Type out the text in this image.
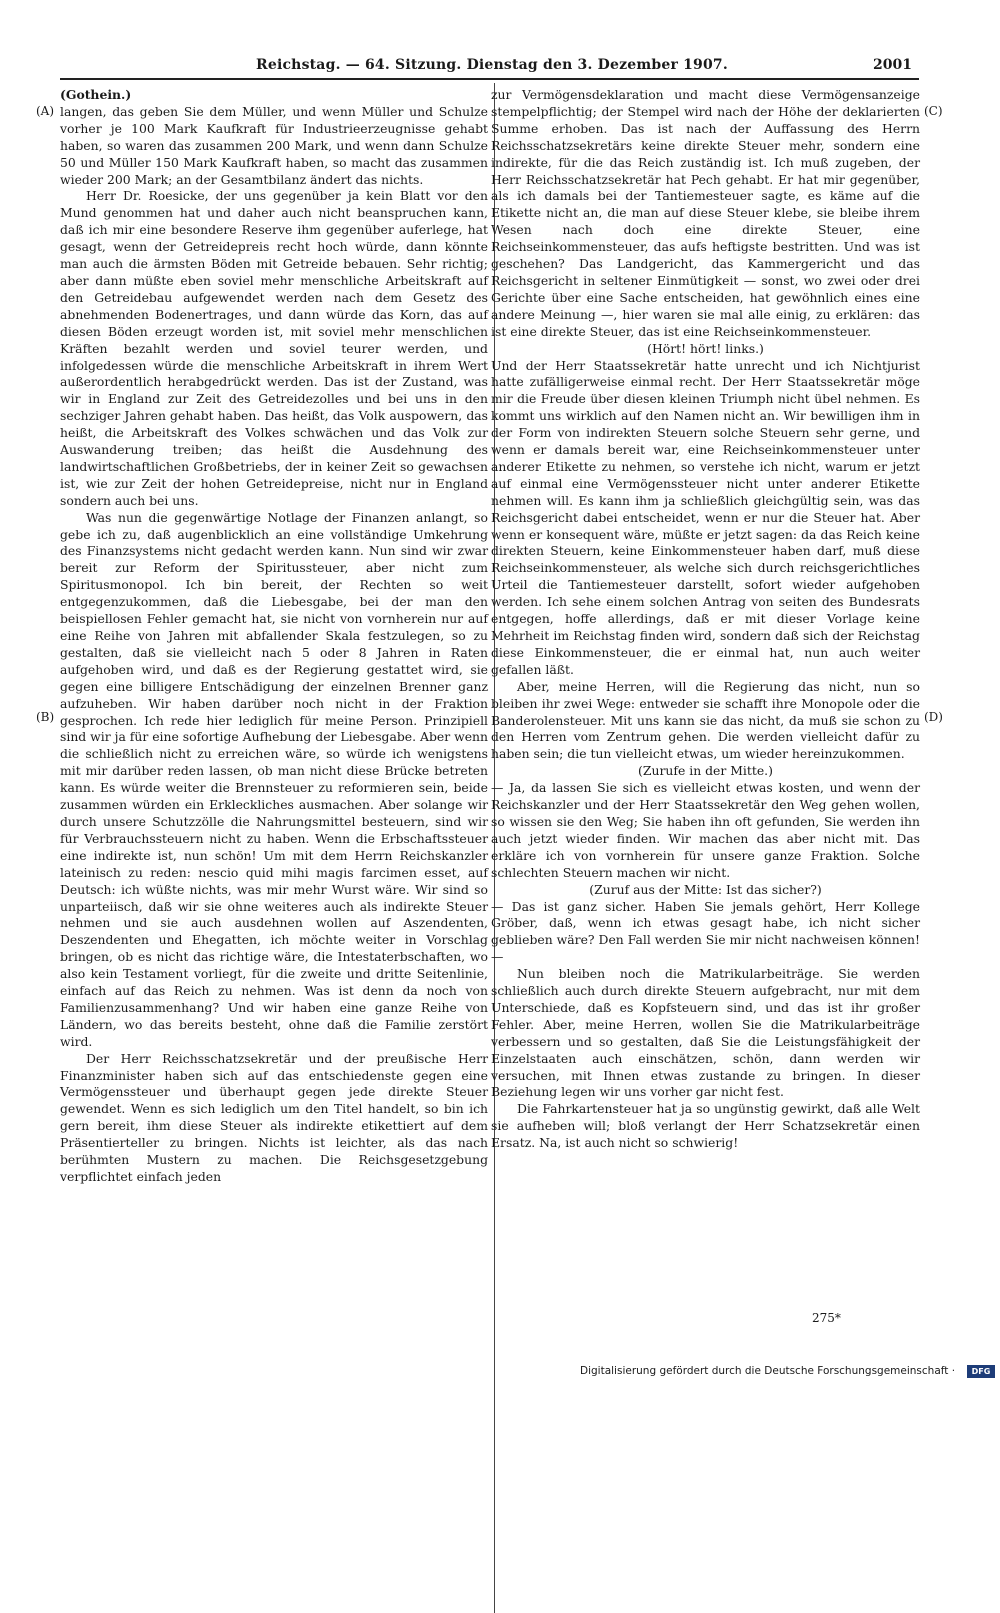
Reichstag. — 64. Sitzung. Dienstag den 3. Dezember 1907.	2001
(A)
(B)
(C)
(D)
(Gothein.)

langen, das geben Sie dem Müller, und wenn Müller und Schulze vorher je 100 Mark Kaufkraft für Industrieerzeugnisse gehabt haben, so waren das zusammen 200 Mark, und wenn dann Schulze 50 und Müller 150 Mark Kaufkraft haben, so macht das zusammen wieder 200 Mark; an der Gesamtbilanz ändert das nichts.

Herr Dr. Roesicke, der uns gegenüber ja kein Blatt vor den Mund genommen hat und daher auch nicht beanspruchen kann, daß ich mir eine besondere Reserve ihm gegenüber auferlege, hat gesagt, wenn der Getreidepreis recht hoch würde, dann könnte man auch die ärmsten Böden mit Getreide bebauen. Sehr richtig; aber dann müßte eben soviel mehr menschliche Arbeitskraft auf den Getreidebau aufgewendet werden nach dem Gesetz des abnehmenden Bodenertrages, und dann würde das Korn, das auf diesen Böden erzeugt worden ist, mit soviel mehr menschlichen Kräften bezahlt werden und soviel teurer werden, und infolgedessen würde die menschliche Arbeitskraft in ihrem Wert außerordentlich herabgedrückt werden. Das ist der Zustand, was wir in England zur Zeit des Getreidezolles und bei uns in den sechziger Jahren gehabt haben. Das heißt, das Volk auspowern, das heißt, die Arbeitskraft des Volkes schwächen und das Volk zur Auswanderung treiben; das heißt die Ausdehnung des landwirtschaftlichen Großbetriebs, der in keiner Zeit so gewachsen ist, wie zur Zeit der hohen Getreidepreise, nicht nur in England sondern auch bei uns.

Was nun die gegenwärtige Notlage der Finanzen anlangt, so gebe ich zu, daß augenblicklich an eine vollständige Umkehrung des Finanzsystems nicht gedacht werden kann. Nun sind wir zwar bereit zur Reform der Spiritussteuer, aber nicht zum Spiritusmonopol. Ich bin bereit, der Rechten so weit entgegenzukommen, daß die Liebesgabe, bei der man den beispiellosen Fehler gemacht hat, sie nicht von vornherein nur auf eine Reihe von Jahren mit abfallender Skala festzulegen, so zu gestalten, daß sie vielleicht nach 5 oder 8 Jahren in Raten aufgehoben wird, und daß es der Regierung gestattet wird, sie gegen eine billigere Entschädigung der einzelnen Brenner ganz aufzuheben. Wir haben darüber noch nicht in der Fraktion gesprochen. Ich rede hier lediglich für meine Person. Prinzipiell sind wir ja für eine sofortige Aufhebung der Liebesgabe. Aber wenn die schließlich nicht zu erreichen wäre, so würde ich wenigstens mit mir darüber reden lassen, ob man nicht diese Brücke betreten kann. Es würde weiter die Brennsteuer zu reformieren sein, beide zusammen würden ein Erkleckliches ausmachen. Aber solange wir durch unsere Schutzzölle die Nahrungsmittel besteuern, sind wir für Verbrauchssteuern nicht zu haben. Wenn die Erbschaftssteuer eine indirekte ist, nun schön! Um mit dem Herrn Reichskanzler lateinisch zu reden: nescio quid mihi magis farcimen esset, auf Deutsch: ich wüßte nichts, was mir mehr Wurst wäre. Wir sind so unparteiisch, daß wir sie ohne weiteres auch als indirekte Steuer nehmen und sie auch ausdehnen wollen auf Aszendenten, Deszendenten und Ehegatten, ich möchte weiter in Vorschlag bringen, ob es nicht das richtige wäre, die Intestaterbschaften, wo also kein Testament vorliegt, für die zweite und dritte Seitenlinie, einfach auf das Reich zu nehmen. Was ist denn da noch von Familienzusammenhang? Und wir haben eine ganze Reihe von Ländern, wo das bereits besteht, ohne daß die Familie zerstört wird.

Der Herr Reichsschatzsekretär und der preußische Herr Finanzminister haben sich auf das entschiedenste gegen eine Vermögenssteuer und überhaupt gegen jede direkte Steuer gewendet. Wenn es sich lediglich um den Titel handelt, so bin ich gern bereit, ihm diese Steuer als indirekte etikettiert auf dem Präsentierteller zu bringen. Nichts ist leichter, als das nach berühmten Mustern zu machen. Die Reichsgesetzgebung verpflichtet einfach jeden

zur Vermögensdeklaration und macht diese Vermögensanzeige stempelpflichtig; der Stempel wird nach der Höhe der deklarierten Summe erhoben. Das ist nach der Auffassung des Herrn Reichsschatzsekretärs keine direkte Steuer mehr, sondern eine indirekte, für die das Reich zuständig ist. Ich muß zugeben, der Herr Reichsschatzsekretär hat Pech gehabt. Er hat mir gegenüber, als ich damals bei der Tantiemesteuer sagte, es käme auf die Etikette nicht an, die man auf diese Steuer klebe, sie bleibe ihrem Wesen nach doch eine direkte Steuer, eine Reichseinkommensteuer, das aufs heftigste bestritten. Und was ist geschehen? Das Landgericht, das Kammergericht und das Reichsgericht in seltener Einmütigkeit — sonst, wo zwei oder drei Gerichte über eine Sache entscheiden, hat gewöhnlich eines eine andere Meinung —, hier waren sie mal alle einig, zu erklären: das ist eine direkte Steuer, das ist eine Reichseinkommensteuer.

(Hört! hört! links.)

Und der Herr Staatssekretär hatte unrecht und ich Nichtjurist hatte zufälligerweise einmal recht. Der Herr Staatssekretär möge mir die Freude über diesen kleinen Triumph nicht übel nehmen. Es kommt uns wirklich auf den Namen nicht an. Wir bewilligen ihm in der Form von indirekten Steuern solche Steuern sehr gerne, und wenn er damals bereit war, eine Reichseinkommensteuer unter anderer Etikette zu nehmen, so verstehe ich nicht, warum er jetzt auf einmal eine Vermögenssteuer nicht unter anderer Etikette nehmen will. Es kann ihm ja schließlich gleichgültig sein, was das Reichsgericht dabei entscheidet, wenn er nur die Steuer hat. Aber wenn er konsequent wäre, müßte er jetzt sagen: da das Reich keine direkten Steuern, keine Einkommensteuer haben darf, muß diese Reichseinkommensteuer, als welche sich durch reichsgerichtliches Urteil die Tantiemesteuer darstellt, sofort wieder aufgehoben werden. Ich sehe einem solchen Antrag von seiten des Bundesrats entgegen, hoffe allerdings, daß er mit dieser Vorlage keine Mehrheit im Reichstag finden wird, sondern daß sich der Reichstag diese Einkommensteuer, die er einmal hat, nun auch weiter gefallen läßt.

Aber, meine Herren, will die Regierung das nicht, nun so bleiben ihr zwei Wege: entweder sie schafft ihre Monopole oder die Banderolensteuer. Mit uns kann sie das nicht, da muß sie schon zu den Herren vom Zentrum gehen. Die werden vielleicht dafür zu haben sein; die tun vielleicht etwas, um wieder hereinzukommen.

(Zurufe in der Mitte.)

— Ja, da lassen Sie sich es vielleicht etwas kosten, und wenn der Reichskanzler und der Herr Staatssekretär den Weg gehen wollen, so wissen sie den Weg; Sie haben ihn oft gefunden, Sie werden ihn auch jetzt wieder finden. Wir machen das aber nicht mit. Das erkläre ich von vornherein für unsere ganze Fraktion. Solche schlechten Steuern machen wir nicht.

(Zuruf aus der Mitte: Ist das sicher?)

— Das ist ganz sicher. Haben Sie jemals gehört, Herr Kollege Gröber, daß, wenn ich etwas gesagt habe, ich nicht sicher geblieben wäre? Den Fall werden Sie mir nicht nachweisen können! —

Nun bleiben noch die Matrikularbeiträge. Sie werden schließlich auch durch direkte Steuern aufgebracht, nur mit dem Unterschiede, daß es Kopfsteuern sind, und das ist ihr großer Fehler. Aber, meine Herren, wollen Sie die Matrikularbeiträge verbessern und so gestalten, daß Sie die Leistungsfähigkeit der Einzelstaaten auch einschätzen, schön, dann werden wir versuchen, mit Ihnen etwas zustande zu bringen. In dieser Beziehung legen wir uns vorher gar nicht fest.

Die Fahrkartensteuer hat ja so ungünstig gewirkt, daß alle Welt sie aufheben will; bloß verlangt der Herr Schatzsekretär einen Ersatz. Na, ist auch nicht so schwierig!

275*
Digitalisierung gefördert durch die Deutsche Forschungsgemeinschaft ·	DFG
